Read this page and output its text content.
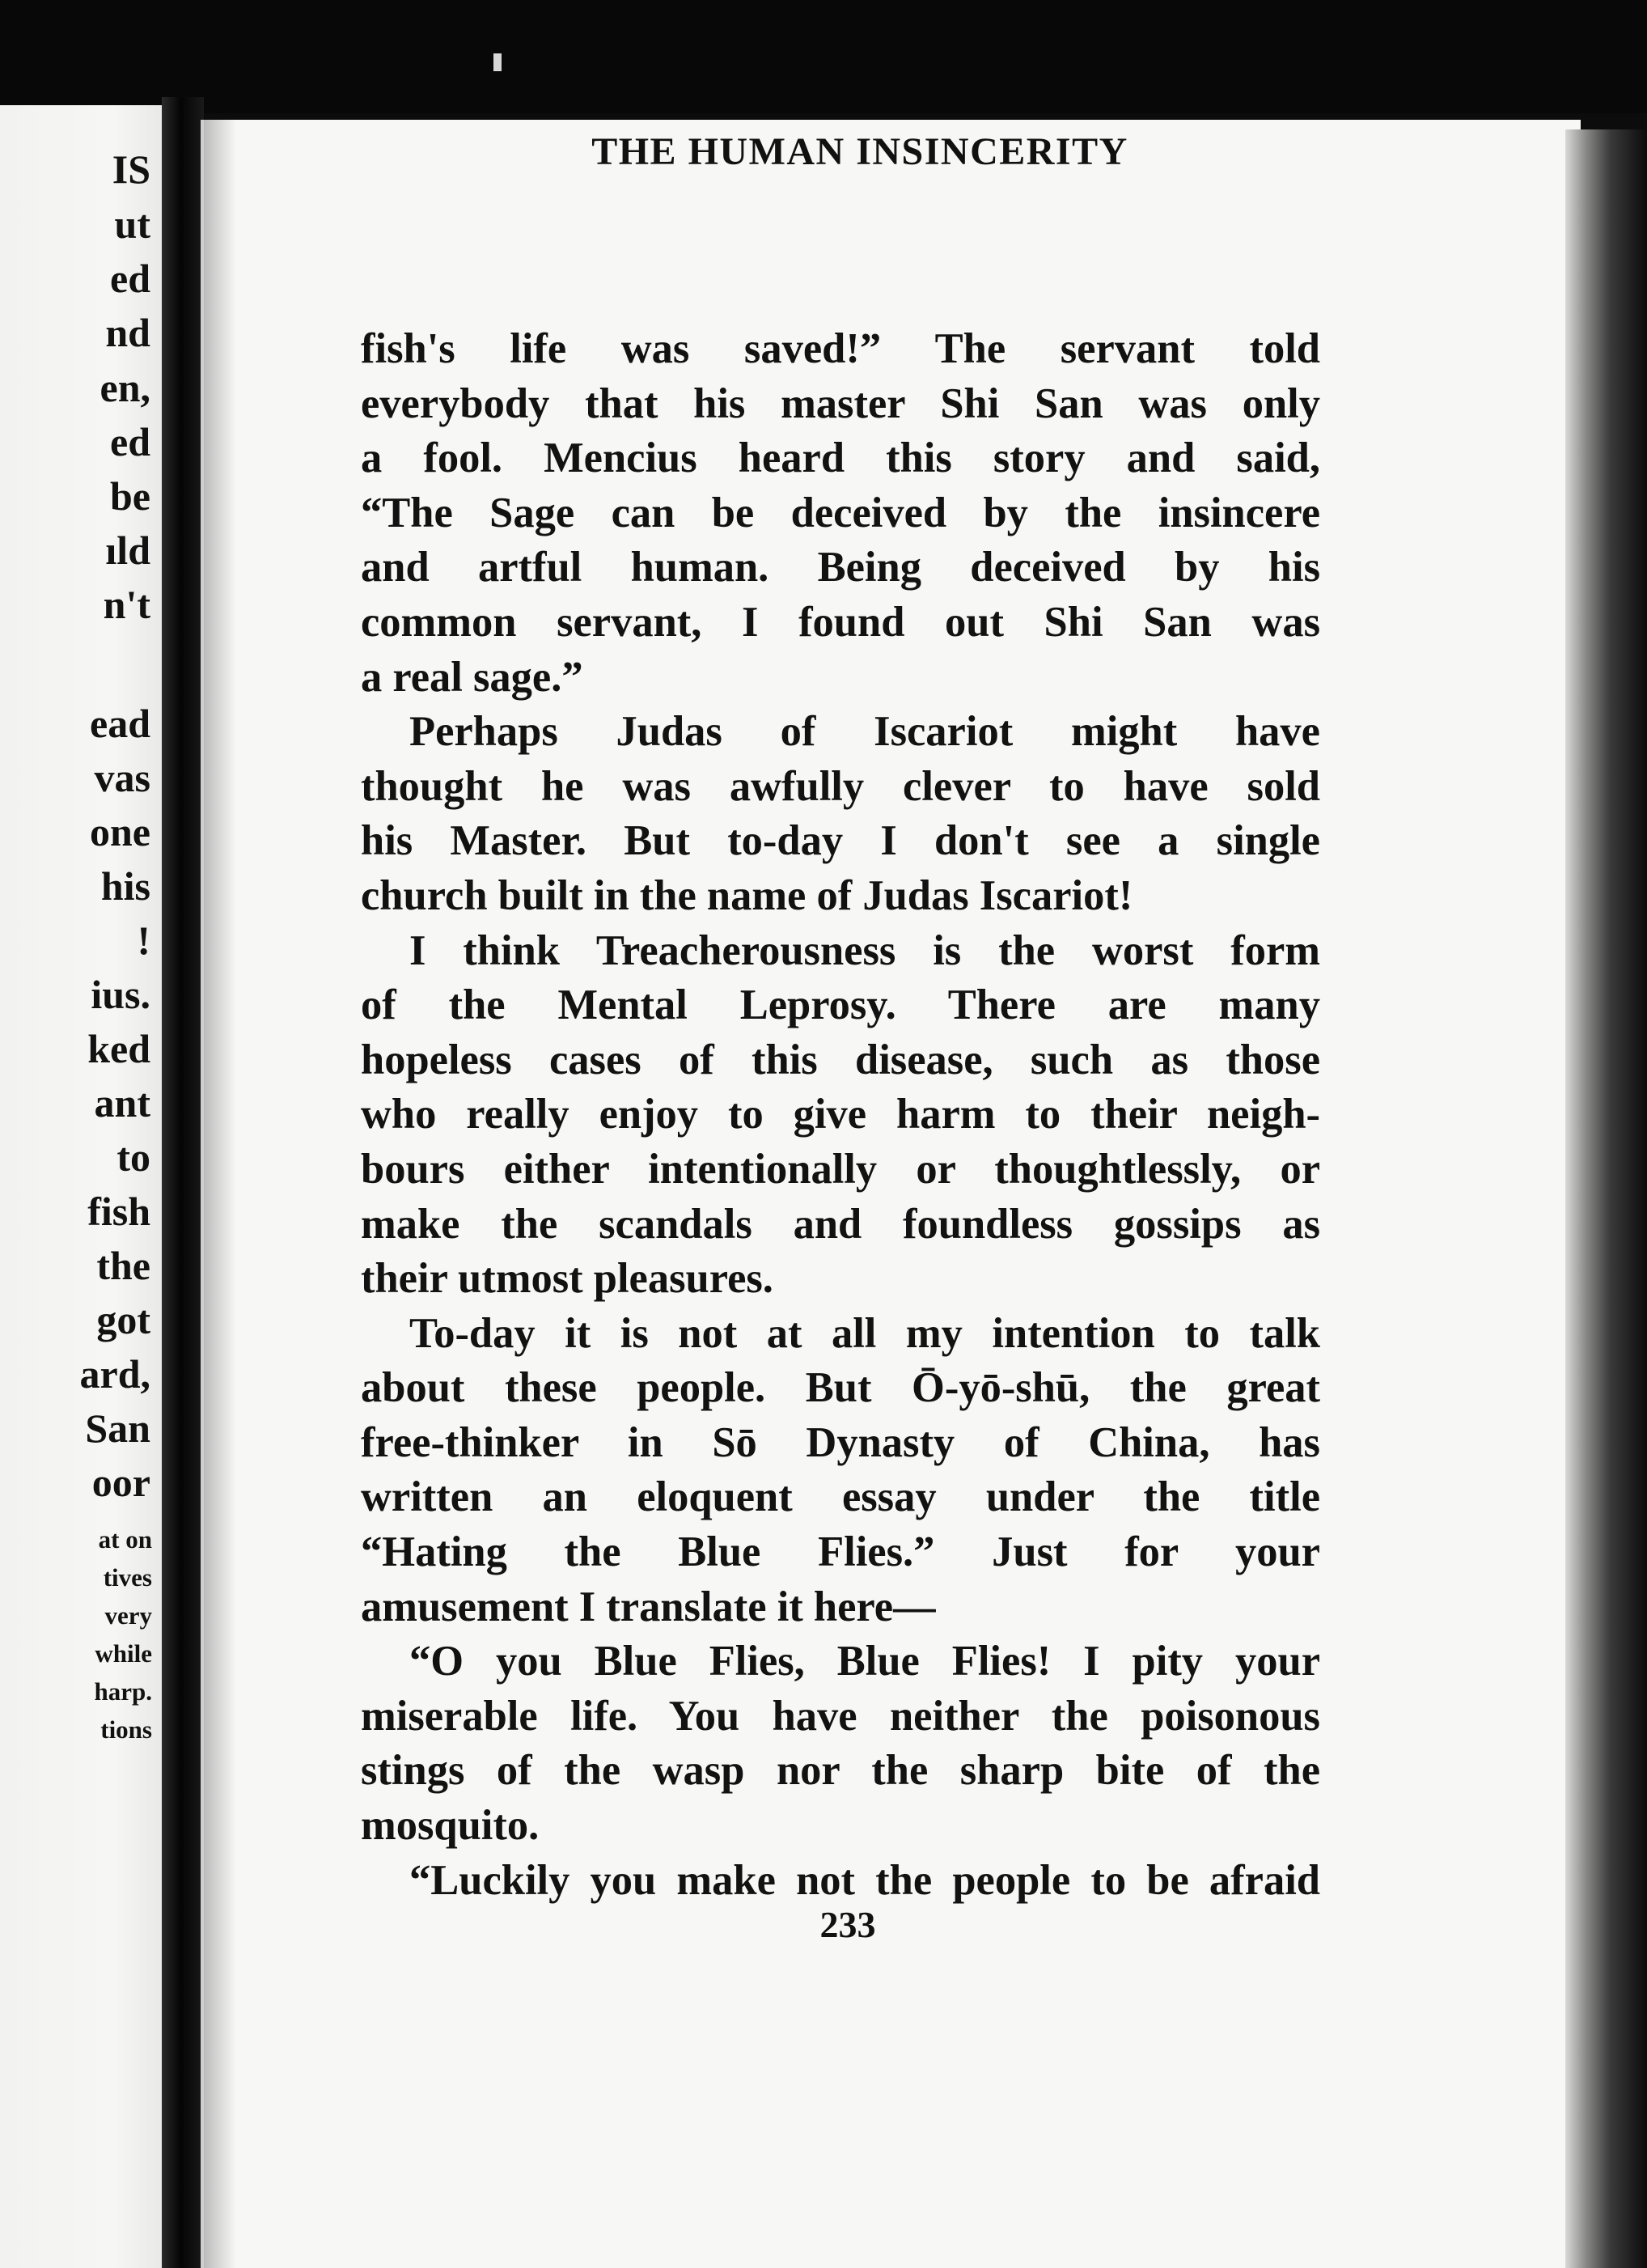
IS
ut
ed
nd
en,
ed
be
ıld
n't
ead
vas
one
his
!
ius.
ked
ant
to
fish
the
got
ard,
San
oor
at on
tives
very
while
harp.
tions
THE HUMAN INSINCERITY
fish's life was saved!” The servant told
everybody that his master Shi San was only
a fool. Mencius heard this story and said,
“The Sage can be deceived by the insincere
and artful human. Being deceived by his
common servant, I found out Shi San was
a real sage.”
Perhaps Judas of Iscariot might have
thought he was awfully clever to have sold
his Master. But to-day I don't see a single
church built in the name of Judas Iscariot!
I think Treacherousness is the worst form
of the Mental Leprosy. There are many
hopeless cases of this disease, such as those
who really enjoy to give harm to their neigh-
bours either intentionally or thoughtlessly, or
make the scandals and foundless gossips as
their utmost pleasures.
To-day it is not at all my intention to talk
about these people. But Ō-yō-shū, the great
free-thinker in Sō Dynasty of China, has
written an eloquent essay under the title
“Hating the Blue Flies.” Just for your
amusement I translate it here—
“O you Blue Flies, Blue Flies! I pity your
miserable life. You have neither the poisonous
stings of the wasp nor the sharp bite of the
mosquito.
“Luckily you make not the people to be afraid
233
